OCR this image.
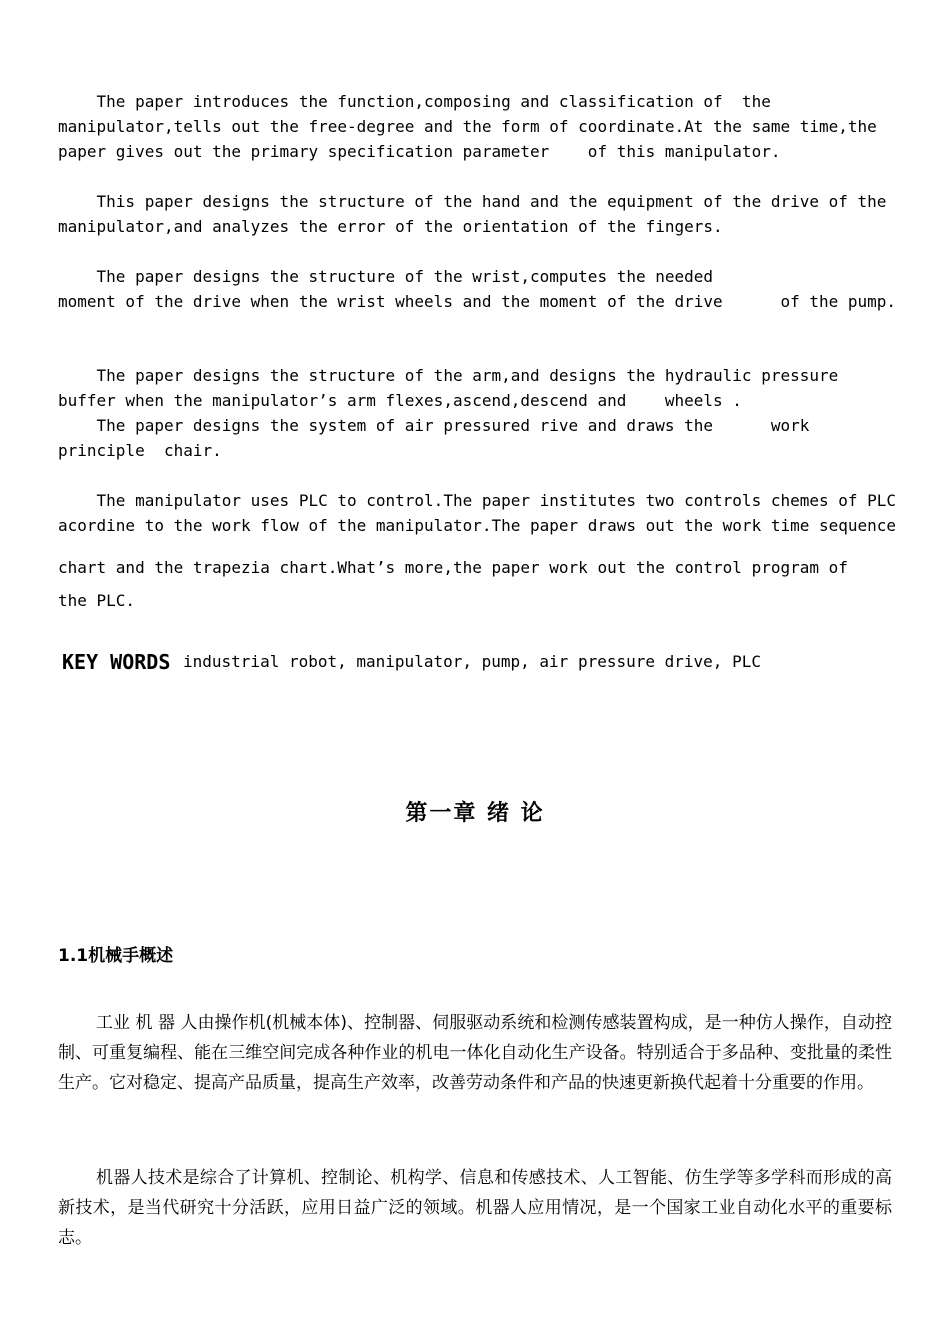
The paper introduces the function,composing and classification of  the
manipulator,tells out the free-degree and the form of coordinate.At the same time,the
paper gives out the primary specification parameter    of this manipulator.
This paper designs the structure of the hand and the equipment of the drive of the
manipulator,and analyzes the error of the orientation of the fingers.
The paper designs the structure of the wrist,computes the needed
moment of the drive when the wrist wheels and the moment of the drive      of the pump.
The paper designs the structure of the arm,and designs the hydraulic pressure
buffer when the manipulator’s arm flexes,ascend,descend and    wheels .
The paper designs the system of air pressured rive and draws the      work
principle  chair.
The manipulator uses PLC to control.The paper institutes two controls chemes of PLC
acordine to the work flow of the manipulator.The paper draws out the work time sequence
chart and the trapezia chart.What’s more,the paper work out the control program of
the PLC.
KEY WORDS industrial robot, manipulator, pump, air pressure drive, PLC
第一章 绪 论
1.1机械手概述
工业 机 器 人由操作机(机械本体)、控制器、伺服驱动系统和检测传感装置构成，是一种仿人操作，自动控制、可重复编程、能在三维空间完成各种作业的机电一体化自动化生产设备。特别适合于多品种、变批量的柔性生产。它对稳定、提高产品质量，提高生产效率，改善劳动条件和产品的快速更新换代起着十分重要的作用。
机器人技术是综合了计算机、控制论、机构学、信息和传感技术、人工智能、仿生学等多学科而形成的高新技术，是当代研究十分活跃，应用日益广泛的领域。机器人应用情况，是一个国家工业自动化水平的重要标志。
